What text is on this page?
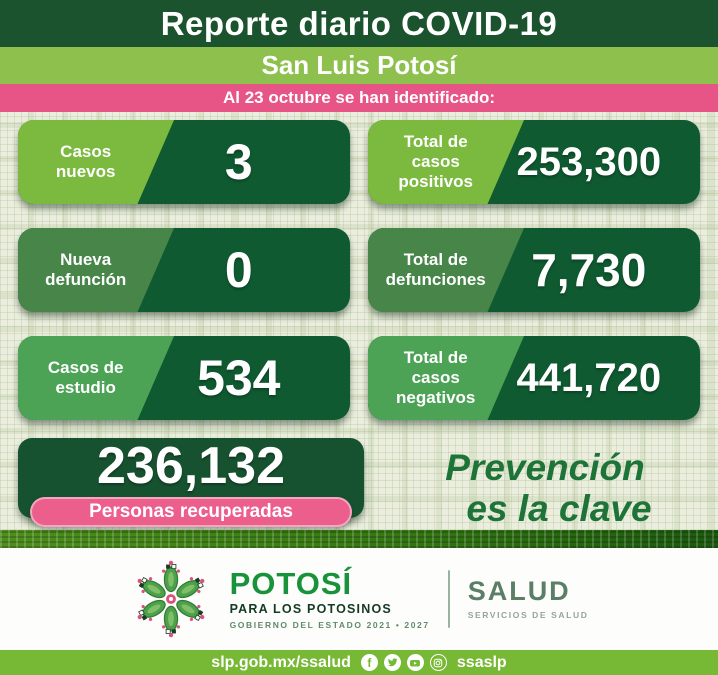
Reporte diario COVID-19
San Luis Potosí
Al 23 octubre se han identificado:
Casos nuevos	3	Total de casos positivos	253,300
Nueva defunción	0	Total de defunciones 7,730
Casos de estudio	534	Total de casos negativos	441,720
236,132
Personas recuperadas
Prevención
es la clave
POTOSÍ
PARA LOS POTOSINOS
GOBIERNO DEL ESTADO 2021 • 2027
SALUD
SERVICIOS DE SALUD
slp.gob.mx/ssalud	f	ssaslp
